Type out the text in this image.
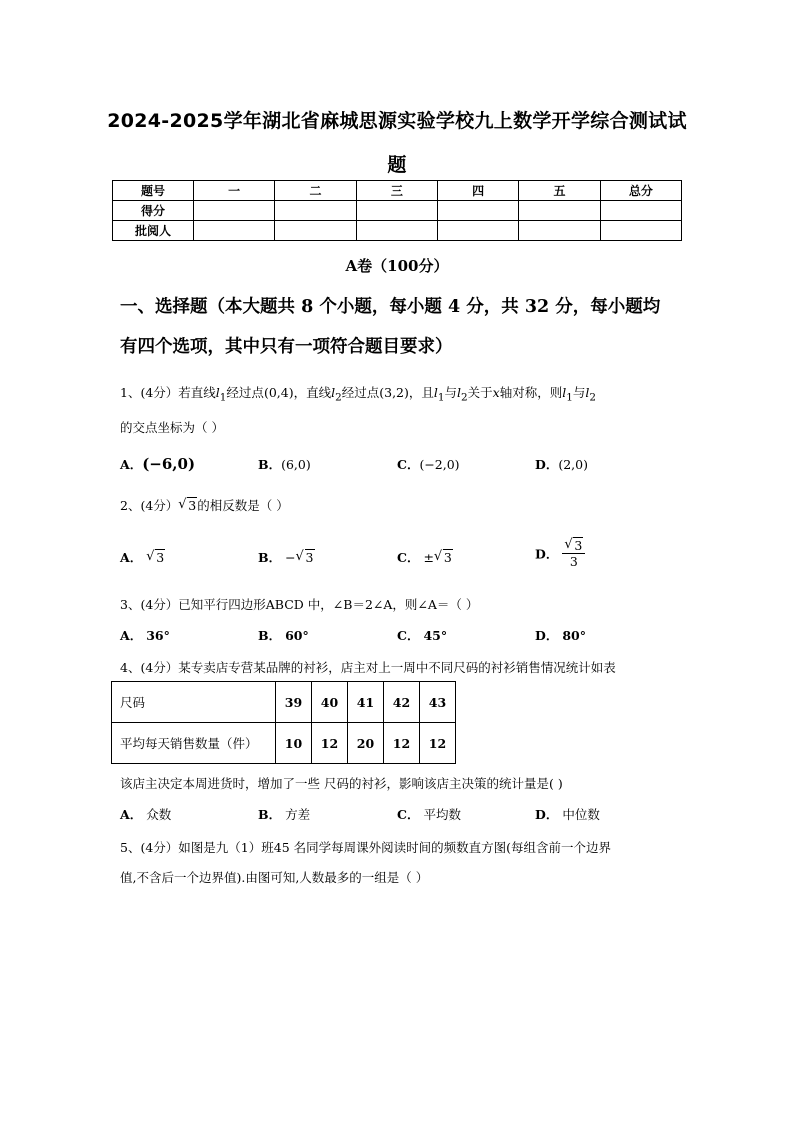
2024-2025学年湖北省麻城思源实验学校九上数学开学综合测试试
题
题号	一	二	三	四	五	总分
得分						
批阅人						
A卷（100分）
一、选择题（本大题共 8 个小题，每小题 4 分，共 32 分，每小题均
有四个选项，其中只有一项符合题目要求）
1、(4分）若直线$l_1$经过点(0,4)，直线$l_2$经过点(3,2)，且$l_1$与$l_2$关于x轴对称，则$l_1$与$l_2$
的交点坐标为（ ）
A．(−6,0)	B．(6,0)	C．(−2,0)	D．(2,0)
2、(4分） √ 3的相反数是（ ）
A． √ 3	B． − √ 3	C． ± √ 3	D． √ $\frac{3}{3}$
3、(4分）已知平行四边形ABCD 中，∠B＝2∠A，则∠A＝（ ）
A． 36°	B． 60°	C． 45°	D． 80°
4、(4分）某专卖店专营某品牌的衬衫，店主对上一周中不同尺码的衬衫销售情况统计如表
尺码	39	40	41	42	43
平均每天销售数量（件）	10	12	20	12	12
该店主决定本周进货时，增加了一些 尺码的衬衫，影响该店主决策的统计量是( )
A． 众数	B． 方差	C． 平均数	D． 中位数
5、(4分）如图是九（1）班45 名同学每周课外阅读时间的频数直方图(每组含前一个边界
值,不含后一个边界值).由图可知,人数最多的一组是（ ）
